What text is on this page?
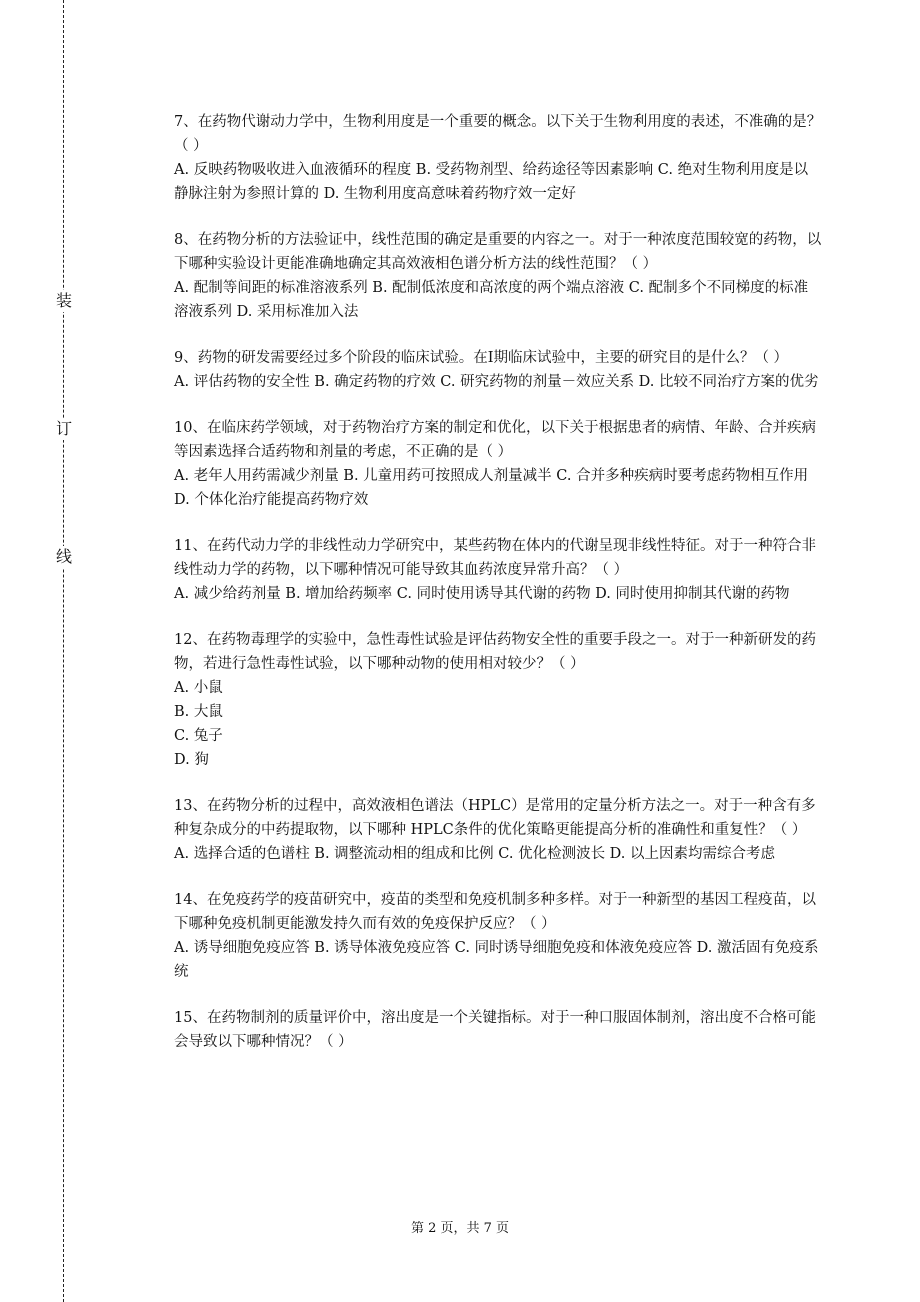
装
订
线

7、在药物代谢动力学中，生物利用度是一个重要的概念。以下关于生物利用度的表述，不准确的是？（ ）

A. 反映药物吸收进入血液循环的程度 B. 受药物剂型、给药途径等因素影响 C. 绝对生物利用度是以静脉注射为参照计算的 D. 生物利用度高意味着药物疗效一定好

8、在药物分析的方法验证中，线性范围的确定是重要的内容之一。对于一种浓度范围较宽的药物，以下哪种实验设计更能准确地确定其高效液相色谱分析方法的线性范围？（ ）

A. 配制等间距的标准溶液系列 B. 配制低浓度和高浓度的两个端点溶液 C. 配制多个不同梯度的标准溶液系列 D. 采用标准加入法

9、药物的研发需要经过多个阶段的临床试验。在Ⅰ期临床试验中，主要的研究目的是什么？（ ）

A. 评估药物的安全性 B. 确定药物的疗效 C. 研究药物的剂量－效应关系 D. 比较不同治疗方案的优劣

10、在临床药学领域，对于药物治疗方案的制定和优化，以下关于根据患者的病情、年龄、合并疾病等因素选择合适药物和剂量的考虑，不正确的是（ ）

A. 老年人用药需减少剂量 B. 儿童用药可按照成人剂量减半 C. 合并多种疾病时要考虑药物相互作用 D. 个体化治疗能提高药物疗效

11、在药代动力学的非线性动力学研究中，某些药物在体内的代谢呈现非线性特征。对于一种符合非线性动力学的药物，以下哪种情况可能导致其血药浓度异常升高？（ ）

A. 减少给药剂量 B. 增加给药频率 C. 同时使用诱导其代谢的药物 D. 同时使用抑制其代谢的药物

12、在药物毒理学的实验中，急性毒性试验是评估药物安全性的重要手段之一。对于一种新研发的药物，若进行急性毒性试验，以下哪种动物的使用相对较少？（ ）

A. 小鼠

B. 大鼠

C. 兔子

D. 狗

13、在药物分析的过程中，高效液相色谱法（HPLC）是常用的定量分析方法之一。对于一种含有多种复杂成分的中药提取物，以下哪种 HPLC条件的优化策略更能提高分析的准确性和重复性？（ ）

A. 选择合适的色谱柱 B. 调整流动相的组成和比例 C. 优化检测波长 D. 以上因素均需综合考虑

14、在免疫药学的疫苗研究中，疫苗的类型和免疫机制多种多样。对于一种新型的基因工程疫苗，以下哪种免疫机制更能激发持久而有效的免疫保护反应？（ ）

A. 诱导细胞免疫应答 B. 诱导体液免疫应答 C. 同时诱导细胞免疫和体液免疫应答 D. 激活固有免疫系统

15、在药物制剂的质量评价中，溶出度是一个关键指标。对于一种口服固体制剂，溶出度不合格可能会导致以下哪种情况？（ ）

第 2 页，共 7 页
